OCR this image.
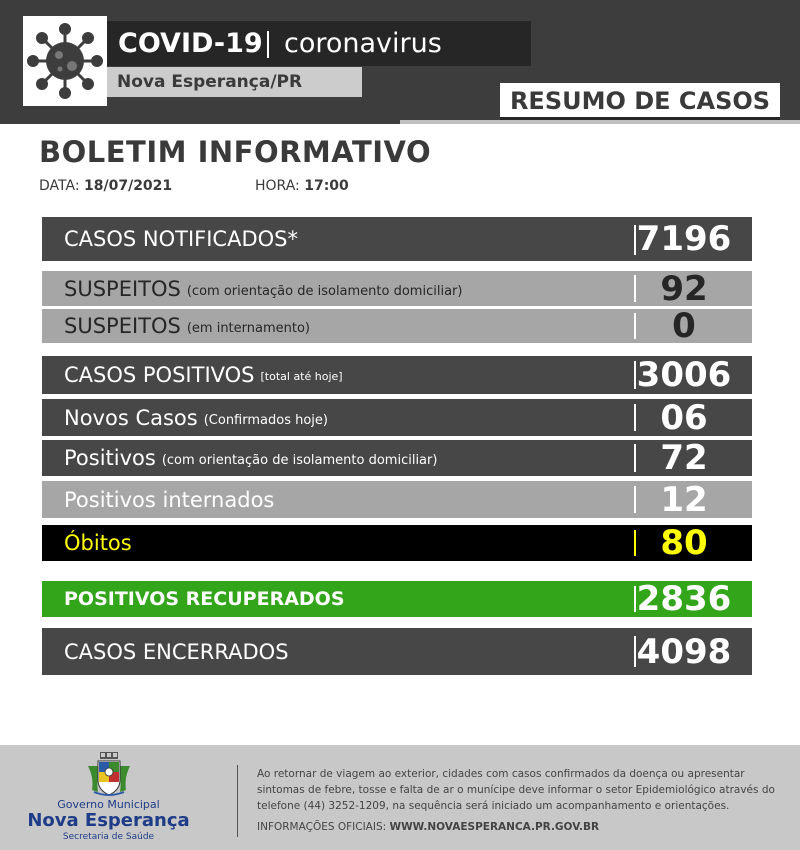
COVID-19 coronavirus
Nova Esperança/PR
RESUMO DE CASOS
BOLETIM INFORMATIVO
DATA: 18/07/2021	HORA: 17:00
CASOS NOTIFICADOS*	7196
SUSPEITOS (com orientação de isolamento domiciliar)	92
SUSPEITOS (em internamento)	0
CASOS POSITIVOS [total até hoje]	3006
Novos Casos (Confirmados hoje)	06
Positivos (com orientação de isolamento domiciliar)	72
Positivos internados	12
Óbitos	80
POSITIVOS RECUPERADOS	2836
CASOS ENCERRADOS	4098
Governo Municipal
Nova Esperança
Secretaria de Saúde
Ao retornar de viagem ao exterior, cidades com casos confirmados da doença ou apresentar sintomas de febre, tosse e falta de ar o munícipe deve informar o setor Epidemiológico através do telefone (44) 3252-1209, na sequência será iniciado um acompanhamento e orientações.
INFORMAÇÕES OFICIAIS: WWW.NOVAESPERANCA.PR.GOV.BR
